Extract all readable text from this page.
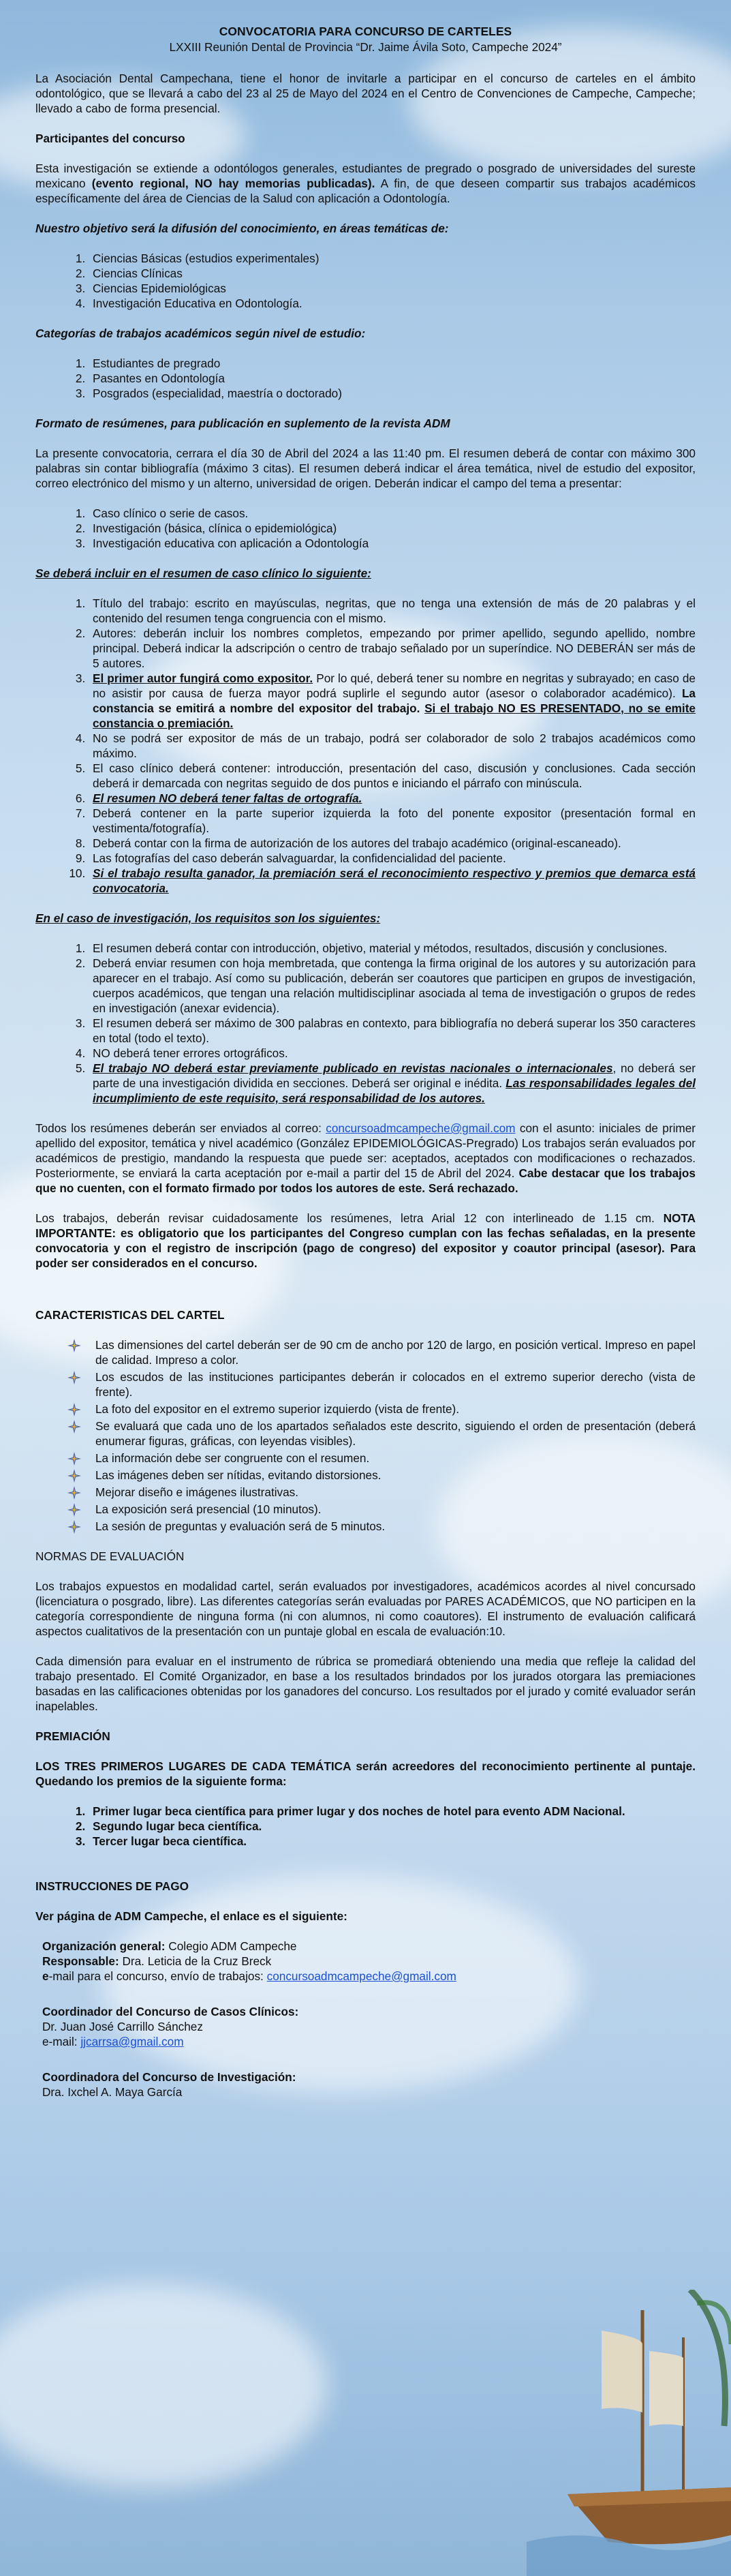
CONVOCATORIA PARA CONCURSO DE CARTELES
LXXIII Reunión Dental de Provincia “Dr. Jaime Ávila Soto, Campeche 2024”

La Asociación Dental Campechana, tiene el honor de invitarle a participar en el concurso de carteles en el ámbito odontológico, que se llevará a cabo del 23 al 25 de Mayo del 2024 en el Centro de Convenciones de Campeche, Campeche; llevado a cabo de forma presencial.

Participantes del concurso

Esta investigación se extiende a odontólogos generales, estudiantes de pregrado o posgrado de universidades del sureste mexicano (evento regional, NO hay memorias publicadas). A fin, de que deseen compartir sus trabajos académicos específicamente del área de Ciencias de la Salud con aplicación a Odontología.

Nuestro objetivo será la difusión del conocimiento, en áreas temáticas de:
1. Ciencias Básicas (estudios experimentales)
2. Ciencias Clínicas
3. Ciencias Epidemiológicas
4. Investigación Educativa en Odontología.
Categorías de trabajos académicos según nivel de estudio:
1. Estudiantes de pregrado
2. Pasantes en Odontología
3. Posgrados (especialidad, maestría o doctorado)
Formato de resúmenes, para publicación en suplemento de la revista ADM

La presente convocatoria, cerrara el día 30 de Abril del 2024 a las 11:40 pm. El resumen deberá de contar con máximo 300 palabras sin contar bibliografía (máximo 3 citas). El resumen deberá indicar el área temática, nivel de estudio del expositor, correo electrónico del mismo y un alterno, universidad de origen. Deberán indicar el campo del tema a presentar:

1. Caso clínico o serie de casos.
2. Investigación (básica, clínica o epidemiológica)
3. Investigación educativa con aplicación a Odontología
Se deberá incluir en el resumen de caso clínico lo siguiente:
1. Título del trabajo: escrito en mayúsculas, negritas, que no tenga una extensión de más de 20 palabras y el contenido del resumen tenga congruencia con el mismo.
2. Autores: deberán incluir los nombres completos, empezando por primer apellido, segundo apellido, nombre principal. Deberá indicar la adscripción o centro de trabajo señalado por un superíndice. NO DEBERÁN ser más de 5 autores.
3. El primer autor fungirá como expositor. Por lo qué, deberá tener su nombre en negritas y subrayado; en caso de no asistir por causa de fuerza mayor podrá suplirle el segundo autor (asesor o colaborador académico). La constancia se emitirá a nombre del expositor del trabajo. Si el trabajo NO ES PRESENTADO, no se emite constancia o premiación.
4. No se podrá ser expositor de más de un trabajo, podrá ser colaborador de solo 2 trabajos académicos como máximo.
5. El caso clínico deberá contener: introducción, presentación del caso, discusión y conclusiones. Cada sección deberá ir demarcada con negritas seguido de dos puntos e iniciando el párrafo con minúscula.
6. El resumen NO deberá tener faltas de ortografía.
7. Deberá contener en la parte superior izquierda la foto del ponente expositor (presentación formal en vestimenta/fotografía).
8. Deberá contar con la firma de autorización de los autores del trabajo académico (original-escaneado).
9. Las fotografías del caso deberán salvaguardar, la confidencialidad del paciente.
10. Si el trabajo resulta ganador, la premiación será el reconocimiento respectivo y premios que demarca está convocatoria.
En el caso de investigación, los requisitos son los siguientes:
1. El resumen deberá contar con introducción, objetivo, material y métodos, resultados, discusión y conclusiones.
2. Deberá enviar resumen con hoja membretada, que contenga la firma original de los autores y su autorización para aparecer en el trabajo. Así como su publicación, deberán ser coautores que participen en grupos de investigación, cuerpos académicos, que tengan una relación multidisciplinar asociada al tema de investigación o grupos de redes en investigación (anexar evidencia).
3. El resumen deberá ser máximo de 300 palabras en contexto, para bibliografía no deberá superar los 350 caracteres en total (todo el texto).
4. NO deberá tener errores ortográficos.
5. El trabajo NO deberá estar previamente publicado en revistas nacionales o internacionales, no deberá ser parte de una investigación dividida en secciones. Deberá ser original e inédita. Las responsabilidades legales del incumplimiento de este requisito, será responsabilidad de los autores.

Todos los resúmenes deberán ser enviados al correo: concursoadmcampeche@gmail.com con el asunto: iniciales de primer apellido del expositor, temática y nivel académico (González EPIDEMIOLÓGICAS-Pregrado) Los trabajos serán evaluados por académicos de prestigio, mandando la respuesta que puede ser: aceptados, aceptados con modificaciones o rechazados. Posteriormente, se enviará la carta aceptación por e-mail a partir del 15 de Abril del 2024. Cabe destacar que los trabajos que no cuenten, con el formato firmado por todos los autores de este. Será rechazado.

Los trabajos, deberán revisar cuidadosamente los resúmenes, letra Arial 12 con interlineado de 1.15 cm. NOTA IMPORTANTE: es obligatorio que los participantes del Congreso cumplan con las fechas señaladas, en la presente convocatoria y con el registro de inscripción (pago de congreso) del expositor y coautor principal (asesor). Para poder ser considerados en el concurso.

CARACTERISTICAS DEL CARTEL
Las dimensiones del cartel deberán ser de 90 cm de ancho por 120 de largo, en posición vertical. Impreso en papel de calidad. Impreso a color.
Los escudos de las instituciones participantes deberán ir colocados en el extremo superior derecho (vista de frente).
La foto del expositor en el extremo superior izquierdo (vista de frente).
Se evaluará que cada uno de los apartados señalados este descrito, siguiendo el orden de presentación (deberá enumerar figuras, gráficas, con leyendas visibles).
La información debe ser congruente con el resumen.
Las imágenes deben ser nítidas, evitando distorsiones.
Mejorar diseño e imágenes ilustrativas.
La exposición será presencial (10 minutos).
La sesión de preguntas y evaluación será de 5 minutos.
NORMAS DE EVALUACIÓN

Los trabajos expuestos en modalidad cartel, serán evaluados por investigadores, académicos acordes al nivel concursado (licenciatura o posgrado, libre). Las diferentes categorías serán evaluadas por PARES ACADÉMICOS, que NO participen en la categoría correspondiente de ninguna forma (ni con alumnos, ni como coautores). El instrumento de evaluación calificará aspectos cualitativos de la presentación con un puntaje global en escala de evaluación:10.

Cada dimensión para evaluar en el instrumento de rúbrica se promediará obteniendo una media que refleje la calidad del trabajo presentado. El Comité Organizador, en base a los resultados brindados por los jurados otorgara las premiaciones basadas en las calificaciones obtenidas por los ganadores del concurso. Los resultados por el jurado y comité evaluador serán inapelables.

PREMIACIÓN

LOS TRES PRIMEROS LUGARES DE CADA TEMÁTICA serán acreedores del reconocimiento pertinente al puntaje. Quedando los premios de la siguiente forma:

1. Primer lugar beca científica para primer lugar y dos noches de hotel para evento ADM Nacional.
2. Segundo lugar beca científica.
3. Tercer lugar beca científica.
INSTRUCCIONES DE PAGO

Ver página de ADM Campeche, el enlace es el siguiente:

Organización general: Colegio ADM Campeche

Responsable: Dra. Leticia de la Cruz Breck

e-mail para el concurso, envío de trabajos: concursoadmcampeche@gmail.com

Coordinador del Concurso de Casos Clínicos:

Dr. Juan José Carrillo Sánchez

e-mail: jjcarrsa@gmail.com

Coordinadora del Concurso de Investigación:

Dra. Ixchel A. Maya García
